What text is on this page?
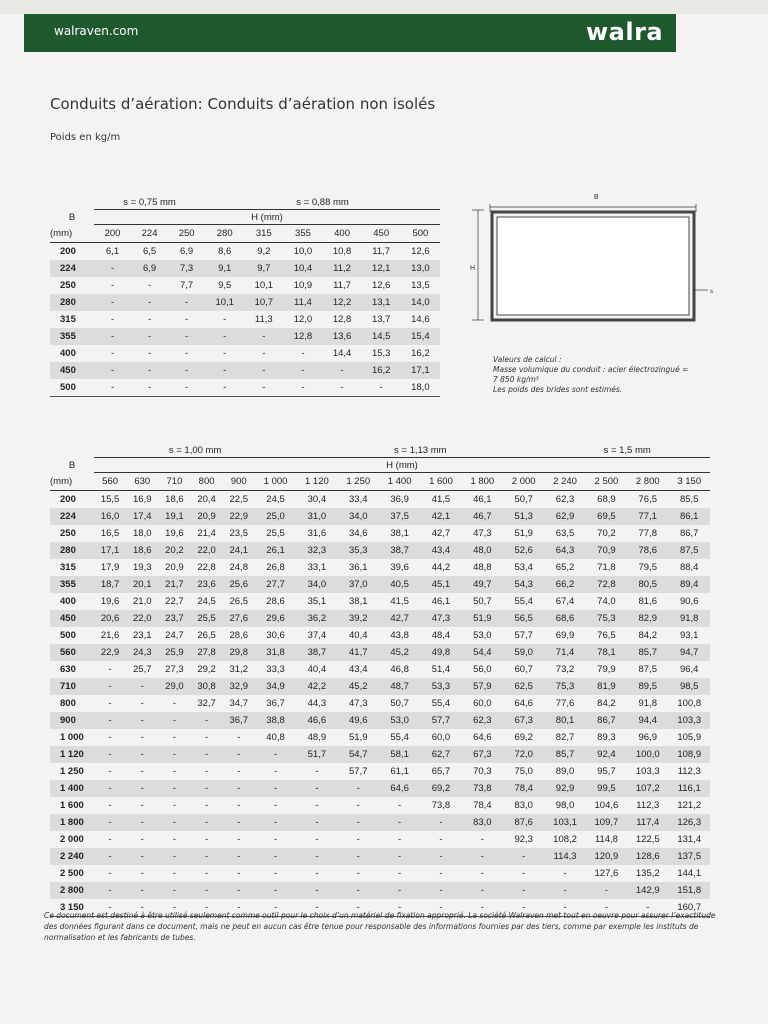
walraven.com	walra
Conduits d’aération: Conduits d’aération non isolés
Poids en kg/m
	s = 0,75 mm			s = 0,88 mm					
B	H (mm)								
(mm)	200	224	250	280	315	355	400	450	500
200	6,1	6,5	6,9	8,6	9,2	10,0	10,8	11,7	12,6
224	-	6,9	7,3	9,1	9,7	10,4	11,2	12,1	13,0
250	-	-	7,7	9,5	10,1	10,9	11,7	12,6	13,5
280	-	-	-	10,1	10,7	11,4	12,2	13,1	14,0
315	-	-	-	-	11,3	12,0	12,8	13,7	14,6
355	-	-	-	-	-	12,8	13,6	14,5	15,4
400	-	-	-	-	-	-	14,4	15,3	16,2
450	-	-	-	-	-	-	-	16,2	17,1
500	-	-	-	-	-	-	-	-	18,0
B
H
s
Valeurs de calcul :
Masse volumique du conduit : acier électrozingué =
7 850 kg/m³
Les poids des brides sont estimés.
	s = 1,00 mm						s = 1,13 mm						s = 1,5 mm			
B	H (mm)															
(mm)	560	630	710	800	900	1 000	1 120	1 250	1 400	1 600	1 800	2 000	2 240	2 500	2 800	3 150
200	15,5	16,9	18,6	20,4	22,5	24,5	30,4	33,4	36,9	41,5	46,1	50,7	62,3	68,9	76,5	85,5
224	16,0	17,4	19,1	20,9	22,9	25,0	31,0	34,0	37,5	42,1	46,7	51,3	62,9	69,5	77,1	86,1
250	16,5	18,0	19,6	21,4	23,5	25,5	31,6	34,6	38,1	42,7	47,3	51,9	63,5	70,2	77,8	86,7
280	17,1	18,6	20,2	22,0	24,1	26,1	32,3	35,3	38,7	43,4	48,0	52,6	64,3	70,9	78,6	87,5
315	17,9	19,3	20,9	22,8	24,8	26,8	33,1	36,1	39,6	44,2	48,8	53,4	65,2	71,8	79,5	88,4
355	18,7	20,1	21,7	23,6	25,6	27,7	34,0	37,0	40,5	45,1	49,7	54,3	66,2	72,8	80,5	89,4
400	19,6	21,0	22,7	24,5	26,5	28,6	35,1	38,1	41,5	46,1	50,7	55,4	67,4	74,0	81,6	90,6
450	20,6	22,0	23,7	25,5	27,6	29,6	36,2	39,2	42,7	47,3	51,9	56,5	68,6	75,3	82,9	91,8
500	21,6	23,1	24,7	26,5	28,6	30,6	37,4	40,4	43,8	48,4	53,0	57,7	69,9	76,5	84,2	93,1
560	22,9	24,3	25,9	27,8	29,8	31,8	38,7	41,7	45,2	49,8	54,4	59,0	71,4	78,1	85,7	94,7
630	-	25,7	27,3	29,2	31,2	33,3	40,4	43,4	46,8	51,4	56,0	60,7	73,2	79,9	87,5	96,4
710	-	-	29,0	30,8	32,9	34,9	42,2	45,2	48,7	53,3	57,9	62,5	75,3	81,9	89,5	98,5
800	-	-	-	32,7	34,7	36,7	44,3	47,3	50,7	55,4	60,0	64,6	77,6	84,2	91,8	100,8
900	-	-	-	-	36,7	38,8	46,6	49,6	53,0	57,7	62,3	67,3	80,1	86,7	94,4	103,3
1 000	-	-	-	-	-	40,8	48,9	51,9	55,4	60,0	64,6	69,2	82,7	89,3	96,9	105,9
1 120	-	-	-	-	-	-	51,7	54,7	58,1	62,7	67,3	72,0	85,7	92,4	100,0	108,9
1 250	-	-	-	-	-	-	-	57,7	61,1	65,7	70,3	75,0	89,0	95,7	103,3	112,3
1 400	-	-	-	-	-	-	-	-	64,6	69,2	73,8	78,4	92,9	99,5	107,2	116,1
1 600	-	-	-	-	-	-	-	-	-	73,8	78,4	83,0	98,0	104,6	112,3	121,2
1 800	-	-	-	-	-	-	-	-	-	-	83,0	87,6	103,1	109,7	117,4	126,3
2 000	-	-	-	-	-	-	-	-	-	-	-	92,3	108,2	114,8	122,5	131,4
2 240	-	-	-	-	-	-	-	-	-	-	-	-	114,3	120,9	128,6	137,5
2 500	-	-	-	-	-	-	-	-	-	-	-	-	-	127,6	135,2	144,1
2 800	-	-	-	-	-	-	-	-	-	-	-	-	-	-	142,9	151,8
3 150	-	-	-	-	-	-	-	-	-	-	-	-	-	-	-	160,7
Ce document est destiné à être utilisé seulement comme outil pour le choix d’un matériel de fixation approprié. La société Walraven met tout en oeuvre pour assurer l’exactitude des données figurant dans ce document, mais ne peut en aucun cas être tenue pour responsable des informations fournies par des tiers, comme par exemple les instituts de normalisation et les fabricants de tubes.
